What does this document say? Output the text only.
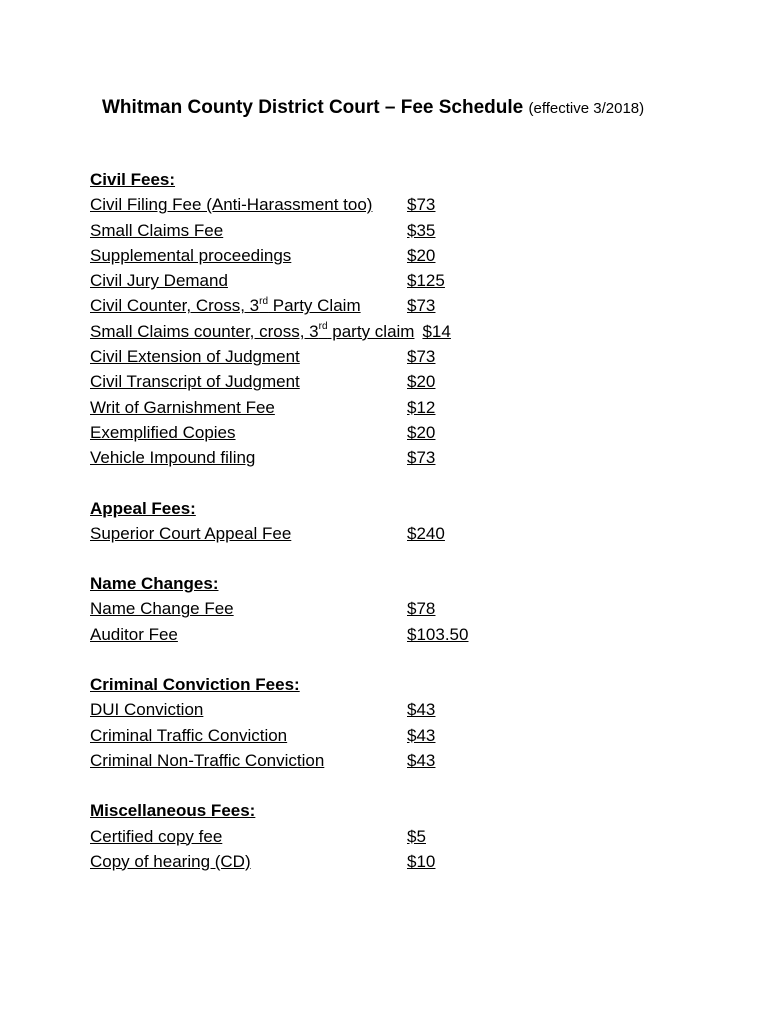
Whitman County District Court – Fee Schedule (effective 3/2018)
Civil Fees:
Civil Filing Fee (Anti-Harassment too) $73
Small Claims Fee	$35
Supplemental proceedings	$20
Civil Jury Demand	$125
Civil Counter, Cross, 3rd Party Claim	$73
Small Claims counter, cross, 3rd party claim $14
Civil Extension of Judgment	$73
Civil Transcript of Judgment	$20
Writ of Garnishment Fee	$12
Exemplified Copies	$20
Vehicle Impound filing	$73
Appeal Fees:
Superior Court Appeal Fee	$240
Name Changes:
Name Change Fee	$78
Auditor Fee	$103.50
Criminal Conviction Fees:
DUI Conviction	$43
Criminal Traffic Conviction	$43
Criminal Non-Traffic Conviction	$43
Miscellaneous Fees:
Certified copy fee	$5
Copy of hearing (CD)	$10
